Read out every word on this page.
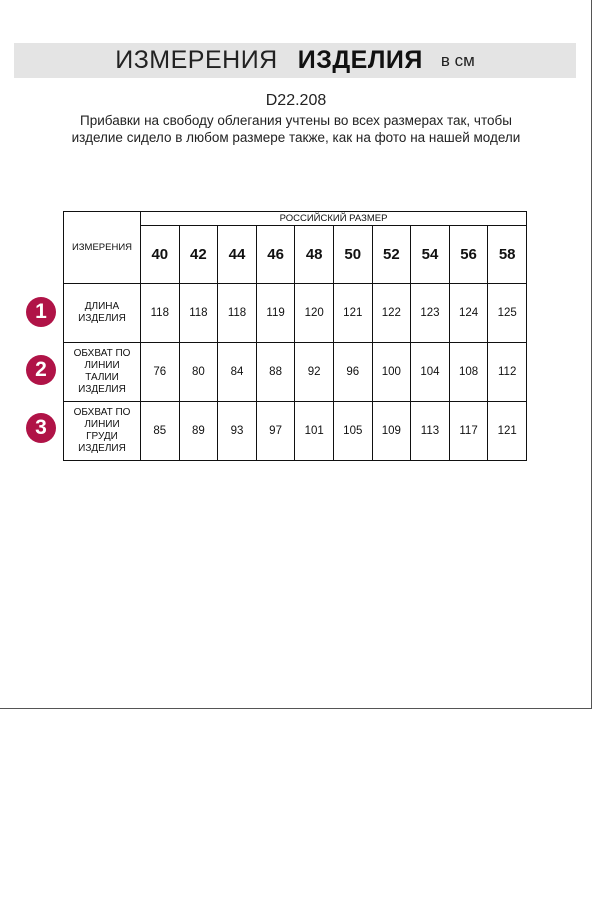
ИЗМЕРЕНИЯ ИЗДЕЛИЯ в см
D22.208
Прибавки на свободу облегания учтены во всех размерах так, чтобы изделие сидело в любом размере также, как на фото на нашей модели
1
2
3
ИЗМЕРЕНИЯ	РОССИЙСКИЙ РАЗМЕР									
	40	42	44	46	48	50	52	54	56	58

ДЛИНА
ИЗДЕЛИЯ	118	118	118	119	120	121	122	123	124	125

ОБХВАТ ПО
ЛИНИИ
ТАЛИИ
ИЗДЕЛИЯ	76	80	84	88	92	96	100	104	108	112

ОБХВАТ ПО
ЛИНИИ
ГРУДИ
ИЗДЕЛИЯ	85	89	93	97	101	105	109	113	117	121
